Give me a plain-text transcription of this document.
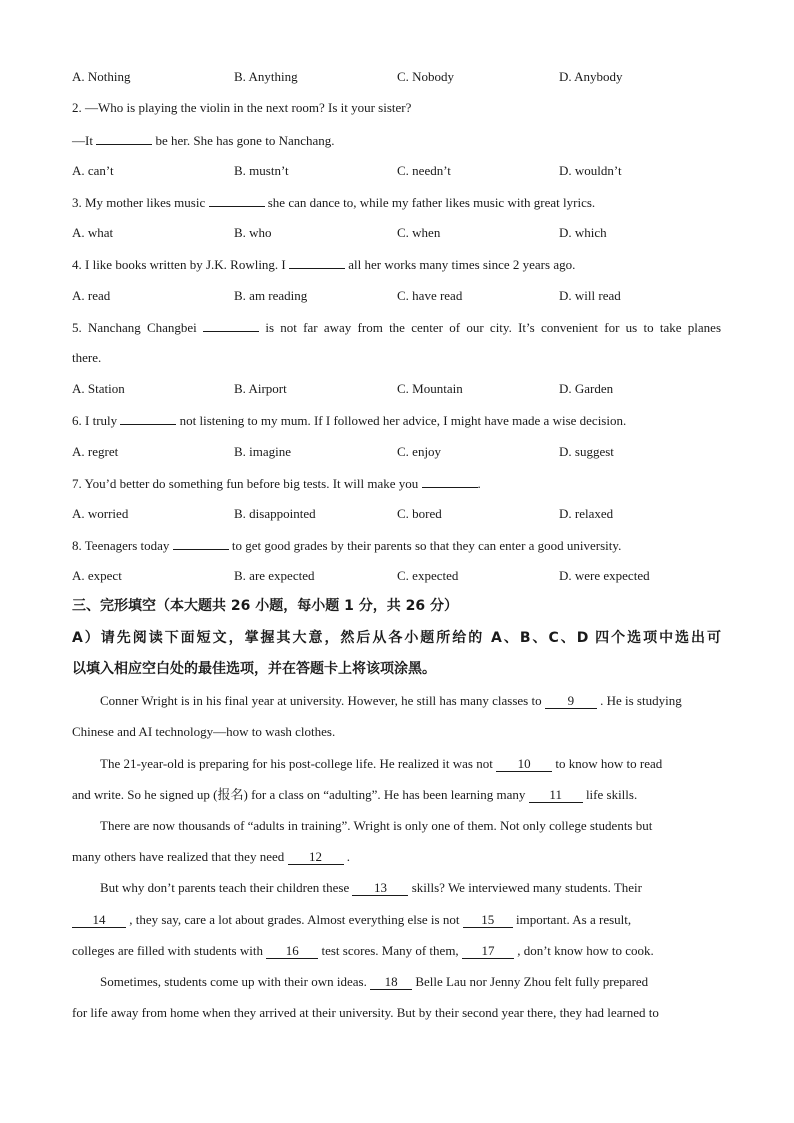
A. Nothing	B. Anything	C. Nobody	D. Anybody
2. —Who is playing the violin in the next room? Is it your sister?
—It	be her. She has gone to Nanchang.
A. can’t	B. mustn’t	C. needn’t	D. wouldn’t
3. My mother likes music	she can dance to, while my father likes music with great lyrics.
A. what	B. who	C. when	D. which
4. I like books written by J.K. Rowling. I	all her works many times since 2 years ago.
A. read	B. am reading	C. have read	D. will read
5. Nanchang Changbei	is not far away from the center of our city. It’s convenient for us to take planes
there.
A. Station	B. Airport	C. Mountain	D. Garden
6. I truly	not listening to my mum. If I followed her advice, I might have made a wise decision.
A. regret	B. imagine	C. enjoy	D. suggest
7. You’d better do something fun before big tests. It will make you	.
A. worried	B. disappointed	C. bored	D. relaxed
8. Teenagers today	to get good grades by their parents so that they can enter a good university.
A. expect	B. are expected	C. expected	D. were expected
三、完形填空（本大题共 26 小题，每小题 1 分，共 26 分）
A）请先阅读下面短文，掌握其大意，然后从各小题所给的 A、B、C、D 四个选项中选出可
以填入相应空白处的最佳选项，并在答题卡上将该项涂黑。
Conner Wright is in his final year at university. However, he still has many classes to 9 . He is studying
Chinese and AI technology—how to wash clothes.
The 21-year-old is preparing for his post-college life. He realized it was not 10 to know how to read
and write. So he signed up (报名) for a class on “adulting”. He has been learning many 11 life skills.
There are now thousands of “adults in training”. Wright is only one of them. Not only college students but
many others have realized that they need 12 .
But why don’t parents teach their children these 13 skills? We interviewed many students. Their
14 , they say, care a lot about grades. Almost everything else is not 15 important. As a result,
colleges are filled with students with 16 test scores. Many of them, 17 , don’t know how to cook.
Sometimes, students come up with their own ideas. 18 Belle Lau nor Jenny Zhou felt fully prepared
for life away from home when they arrived at their university. But by their second year there, they had learned to
